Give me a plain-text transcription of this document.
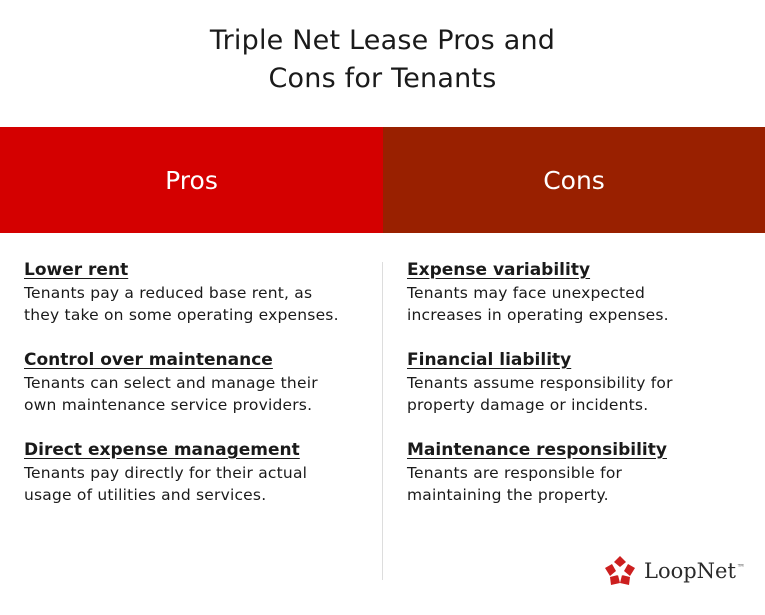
Triple Net Lease Pros and
Cons for Tenants
Pros	Cons
Lower rent
Tenants pay a reduced base rent, as
they take on some operating expenses.
Control over maintenance
Tenants can select and manage their
own maintenance service providers.
Direct expense management
Tenants pay directly for their actual
usage of utilities and services.
Expense variability
Tenants may face unexpected
increases in operating expenses.
Financial liability
Tenants assume responsibility for
property damage or incidents.
Maintenance responsibility
Tenants are responsible for
maintaining the property.
LoopNet™
